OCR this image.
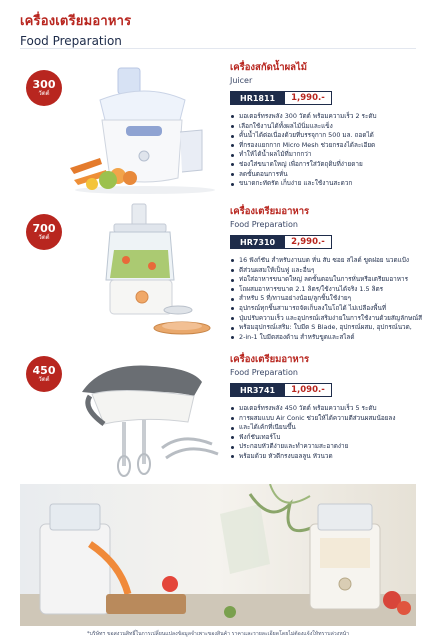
เครื่องเตรียมอาหาร
Food Preparation
300
วัตต์
เครื่องสกัดน้ำผลไม้
Juicer
HR1811	1,990.-
มอเตอร์ทรงพลัง 300 วัตต์ พร้อมความเร็ว 2 ระดับ
เลือกใช้งานได้ทั้งผลไม้นิ่มและแข็ง
คั้นน้ำได้ต่อเนื่องด้วยที่บรรจุกาก 500 มล. ถอดได้
ที่กรองแยกกาก Micro Mesh ช่วยกรองได้ละเอียด
ทำให้ได้น้ำผลไม้ที่มากกว่า
ช่องใส่ขนาดใหญ่ เพื่อการใส่วัตถุดิบที่ง่ายดาย
ลดขั้นตอนการหั่น
ขนาดกะทัดรัด เก็บง่าย และใช้งานสะดวก
700
วัตต์
เครื่องเตรียมอาหาร
Food Preparation
HR7310	2,990.-
16 ฟังก์ชัน สำหรับงานบด หั่น สับ ซอย สไลด์ ขูดฝอย นวดแป้ง
ตีส่วนผสมให้เป็นฟู และอื่นๆ
ท่อใส่อาหารขนาดใหญ่ ลดขั้นตอนในการหั่นหรือเตรียมอาหาร
โถผสมอาหารขนาด 2.1 ลิตร/ใช้งานได้จริง 1.5 ลิตร
สำหรับ 5 ที่/ทานอย่างน้อย/ลูกชิ้นใช้ง่ายๆ
อุปกรณ์ทุกชิ้นสามารถจัดเก็บลงในโถได้ ไม่เปลืองพื้นที่
ปุ่มปรับความเร็ว และอุปกรณ์เสริมง่ายในการใช้งานด้วยสัญลักษณ์สี
พร้อมอุปกรณ์เสริม: ใบมีด S Blade, อุปกรณ์ผสม, อุปกรณ์นวด,
2-in-1 ใบมีดสองด้าน สำหรับขูดและสไลด์
450
วัตต์
เครื่องเตรียมอาหาร
Food Preparation
HR3741	1,090.-
มอเตอร์ทรงพลัง 450 วัตต์ พร้อมความเร็ว 5 ระดับ
การผสมแบบ Air Conic ช่วยให้ได้ความตีส่วนผสมน้อยลง
และได้เค้กที่เนียนขึ้น
ฟังก์ชันเทอร์โบ
ประกอบหัวตีง่ายและทำความสะอาดง่าย
พร้อมด้วย หัวตีกรงบอลลูน หัวนวด
*บริษัทฯ ขอสงวนสิทธิ์ในการเปลี่ยนแปลงข้อมูลจำเพาะของสินค้า ราคาและรายละเอียดโดยไม่ต้องแจ้งให้ทราบล่วงหน้า
